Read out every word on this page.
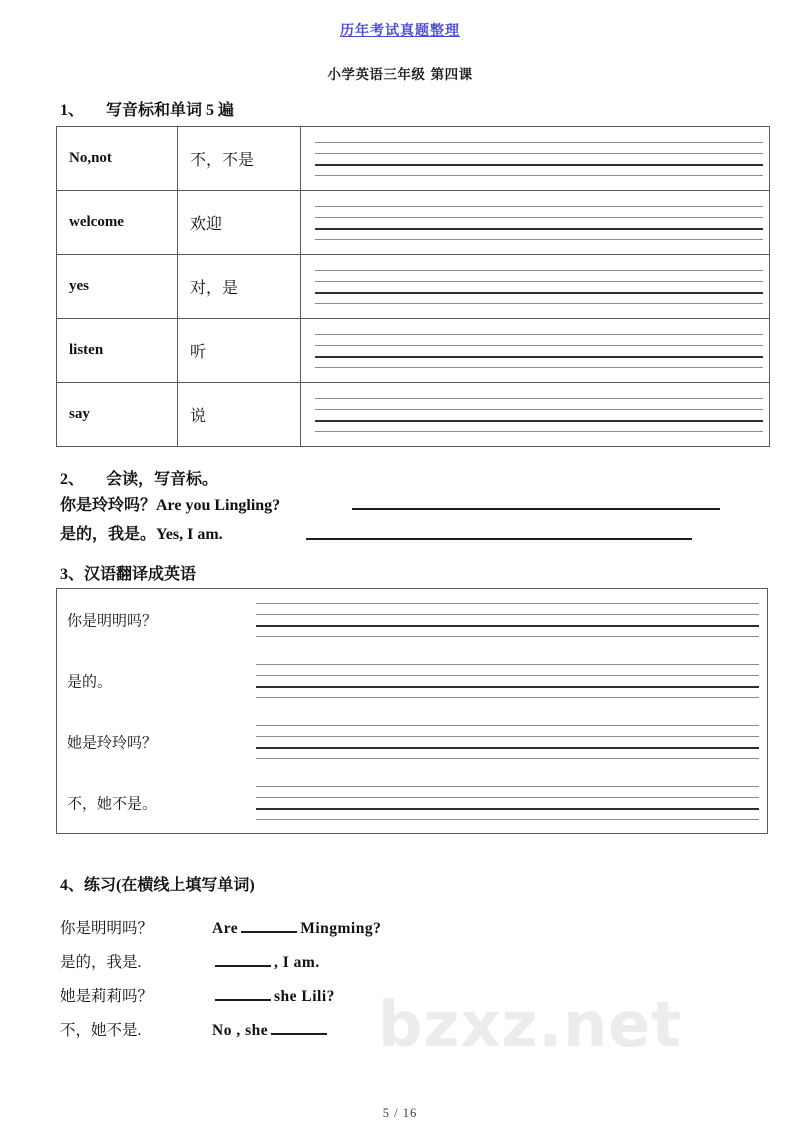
bzxz.net
历年考试真题整理
小学英语三年级 第四课
1、 写音标和单词 5 遍
No,not	不，不是	

welcome	欢迎	

yes	对，是	

listen	听	

say	说	
2、 会读，写音标。
你是玲玲吗？Are you Lingling?
是的，我是。Yes, I am.
3、汉语翻译成英语
你是明明吗？
是的。
她是玲玲吗？
不，她不是。
4、练习(在横线上填写单词)
你是明明吗？	Are	Mingming?
是的，我是.	, I am.
她是莉莉吗？	she Lili?
不，她不是.	No , she
5 / 16
